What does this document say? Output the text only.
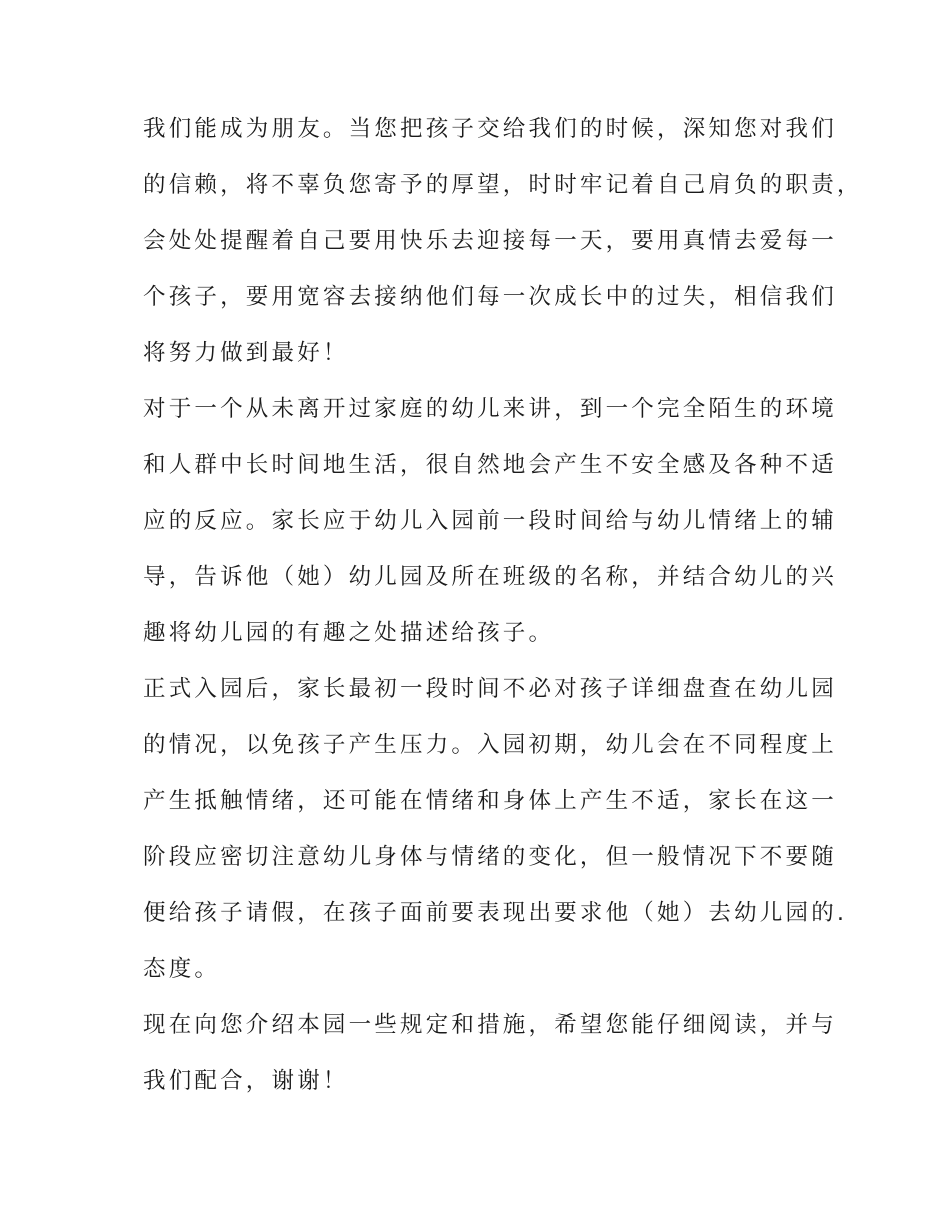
我们能成为朋友。当您把孩子交给我们的时候，深知您对我们
的信赖，将不辜负您寄予的厚望，时时牢记着自己肩负的职责，
会处处提醒着自己要用快乐去迎接每一天，要用真情去爱每一
个孩子，要用宽容去接纳他们每一次成长中的过失，相信我们
将努力做到最好！
对于一个从未离开过家庭的幼儿来讲，到一个完全陌生的环境
和人群中长时间地生活，很自然地会产生不安全感及各种不适
应的反应。家长应于幼儿入园前一段时间给与幼儿情绪上的辅
导，告诉他（她）幼儿园及所在班级的名称，并结合幼儿的兴
趣将幼儿园的有趣之处描述给孩子。
正式入园后，家长最初一段时间不必对孩子详细盘查在幼儿园
的情况，以免孩子产生压力。入园初期，幼儿会在不同程度上
产生抵触情绪，还可能在情绪和身体上产生不适，家长在这一
阶段应密切注意幼儿身体与情绪的变化，但一般情况下不要随
便给孩子请假，在孩子面前要表现出要求他（她）去幼儿园的.
态度。
现在向您介绍本园一些规定和措施，希望您能仔细阅读，并与
我们配合，谢谢！
